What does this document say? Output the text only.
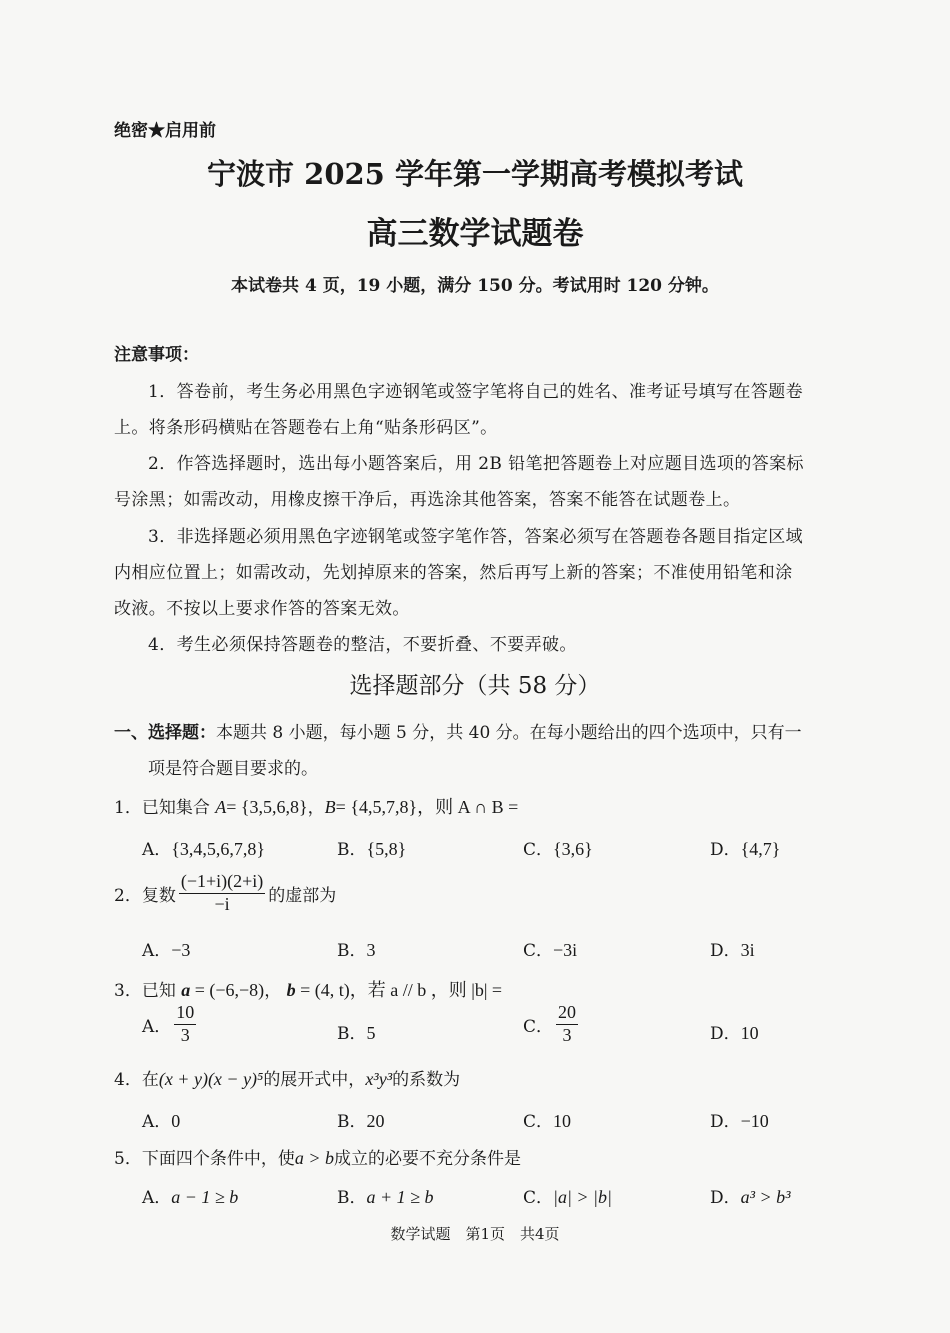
绝密★启用前
宁波市 2025 学年第一学期高考模拟考试
高三数学试题卷
本试卷共 4 页，19 小题，满分 150 分。考试用时 120 分钟。
注意事项：
1．答卷前，考生务必用黑色字迹钢笔或签字笔将自己的姓名、准考证号填写在答题卷
上。将条形码横贴在答题卷右上角“贴条形码区”。
2．作答选择题时，选出每小题答案后，用 2B 铅笔把答题卷上对应题目选项的答案标
号涂黑；如需改动，用橡皮擦干净后，再选涂其他答案，答案不能答在试题卷上。
3．非选择题必须用黑色字迹钢笔或签字笔作答，答案必须写在答题卷各题目指定区域
内相应位置上；如需改动，先划掉原来的答案，然后再写上新的答案；不准使用铅笔和涂
改液。不按以上要求作答的答案无效。
4．考生必须保持答题卷的整洁，不要折叠、不要弄破。
选择题部分（共 58 分）
一、选择题：本题共 8 小题，每小题 5 分，共 40 分。在每小题给出的四个选项中，只有一
项是符合题目要求的。
1．已知集合 A= {3,5,6,8}，B= {4,5,7,8}，则 A ∩ B =
A．{3,4,5,6,7,8}	B．{5,8}	C．{3,6}	D．{4,7}
2． 复数 $\frac{(-1+i)(2+i)}{-i}$ 的虚部为
A．−3	B．3	C．−3i	D．3i
3．已知 a = (−6,−8)， b = (4, t)，若 a // b ，则 |b| =
A． $\frac{10}{3}$	B．5	C． $\frac{20}{3}$	D．10
4．在(x + y)(x − y)⁵的展开式中，x³y³的系数为
A．0	B．20	C．10	D．−10
5．下面四个条件中，使a > b成立的必要不充分条件是
A．a − 1 ≥ b	B．a + 1 ≥ b	C．|a| > |b|	D．a³ > b³
数学试题　第1页　共4页
